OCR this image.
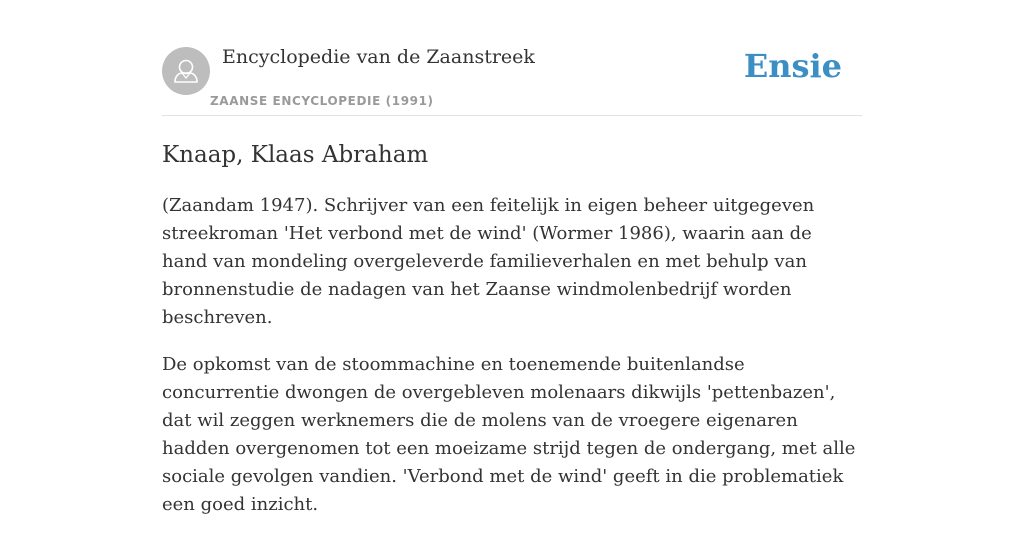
Encyclopedie van de Zaanstreek
ZAANSE ENCYCLOPEDIE (1991)
Ensie
Knaap, Klaas Abraham

(Zaandam 1947). Schrijver van een feitelijk in eigen beheer uitgegeven streekroman 'Het verbond met de wind' (Wormer 1986), waarin aan de hand van mondeling overgeleverde familieverhalen en met behulp van bronnenstudie de nadagen van het Zaanse windmolenbedrijf worden beschreven.

De opkomst van de stoommachine en toenemende buitenlandse concurrentie dwongen de overgebleven molenaars dikwijls 'pettenbazen', dat wil zeggen werknemers die de molens van de vroegere eigenaren hadden overgenomen tot een moeizame strijd tegen de ondergang, met alle sociale gevolgen vandien. 'Verbond met de wind' geeft in die problematiek een goed inzicht.
